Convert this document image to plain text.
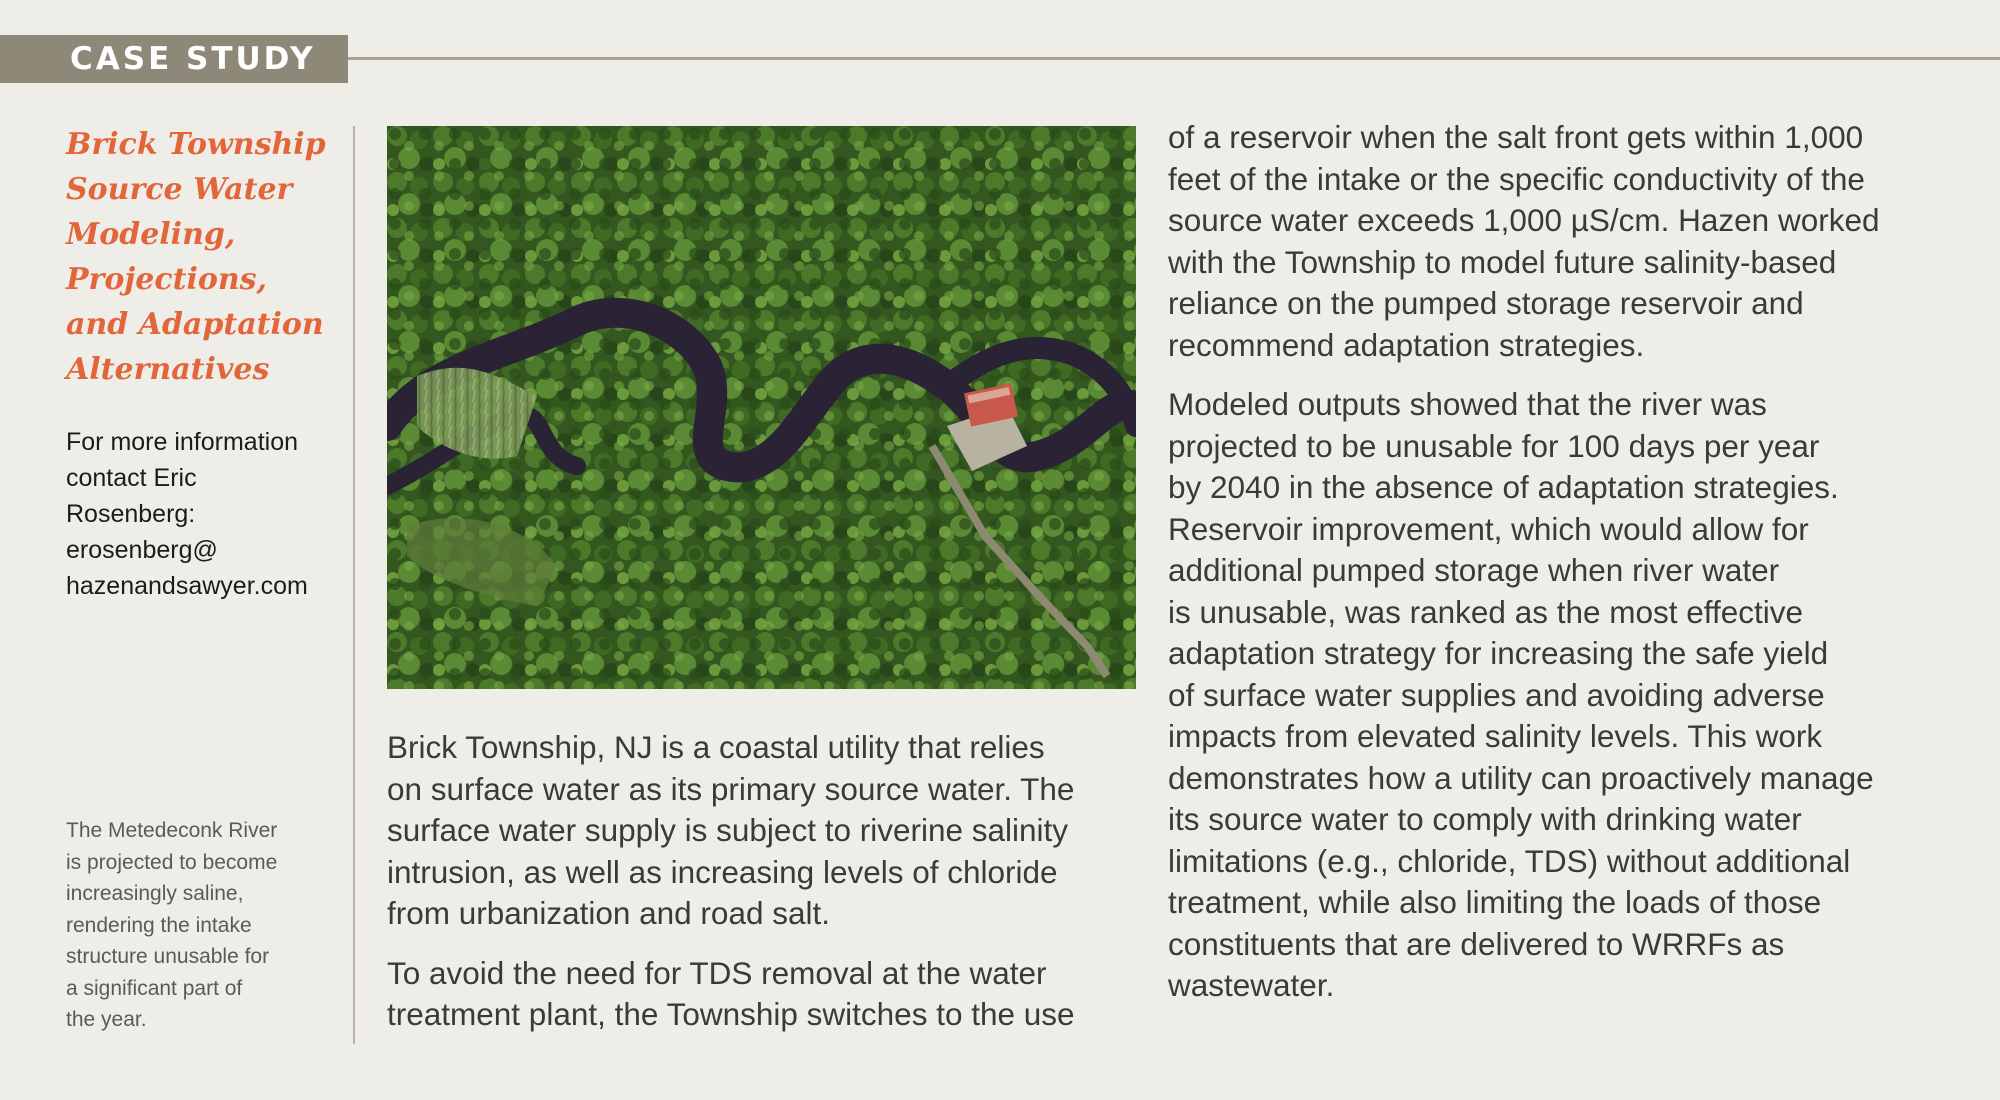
CASE STUDY
Brick Township
Source Water
Modeling,
Projections,
and Adaptation
Alternatives
For more information
contact Eric
Rosenberg:
erosenberg@
hazenandsawyer.com
The Metedeconk River
is projected to become
increasingly saline,
rendering the intake
structure unusable for
a significant part of
the year.
Brick Township, NJ is a coastal utility that relies
on surface water as its primary source water. The
surface water supply is subject to riverine salinity
intrusion, as well as increasing levels of chloride
from urbanization and road salt.
To avoid the need for TDS removal at the water
treatment plant, the Township switches to the use
of a reservoir when the salt front gets within 1,000
feet of the intake or the specific conductivity of the
source water exceeds 1,000 µS/cm. Hazen worked
with the Township to model future salinity-based
reliance on the pumped storage reservoir and
recommend adaptation strategies.
Modeled outputs showed that the river was
projected to be unusable for 100 days per year
by 2040 in the absence of adaptation strategies.
Reservoir improvement, which would allow for
additional pumped storage when river water
is unusable, was ranked as the most effective
adaptation strategy for increasing the safe yield
of surface water supplies and avoiding adverse
impacts from elevated salinity levels. This work
demonstrates how a utility can proactively manage
its source water to comply with drinking water
limitations (e.g., chloride, TDS) without additional
treatment, while also limiting the loads of those
constituents that are delivered to WRRFs as
wastewater.
